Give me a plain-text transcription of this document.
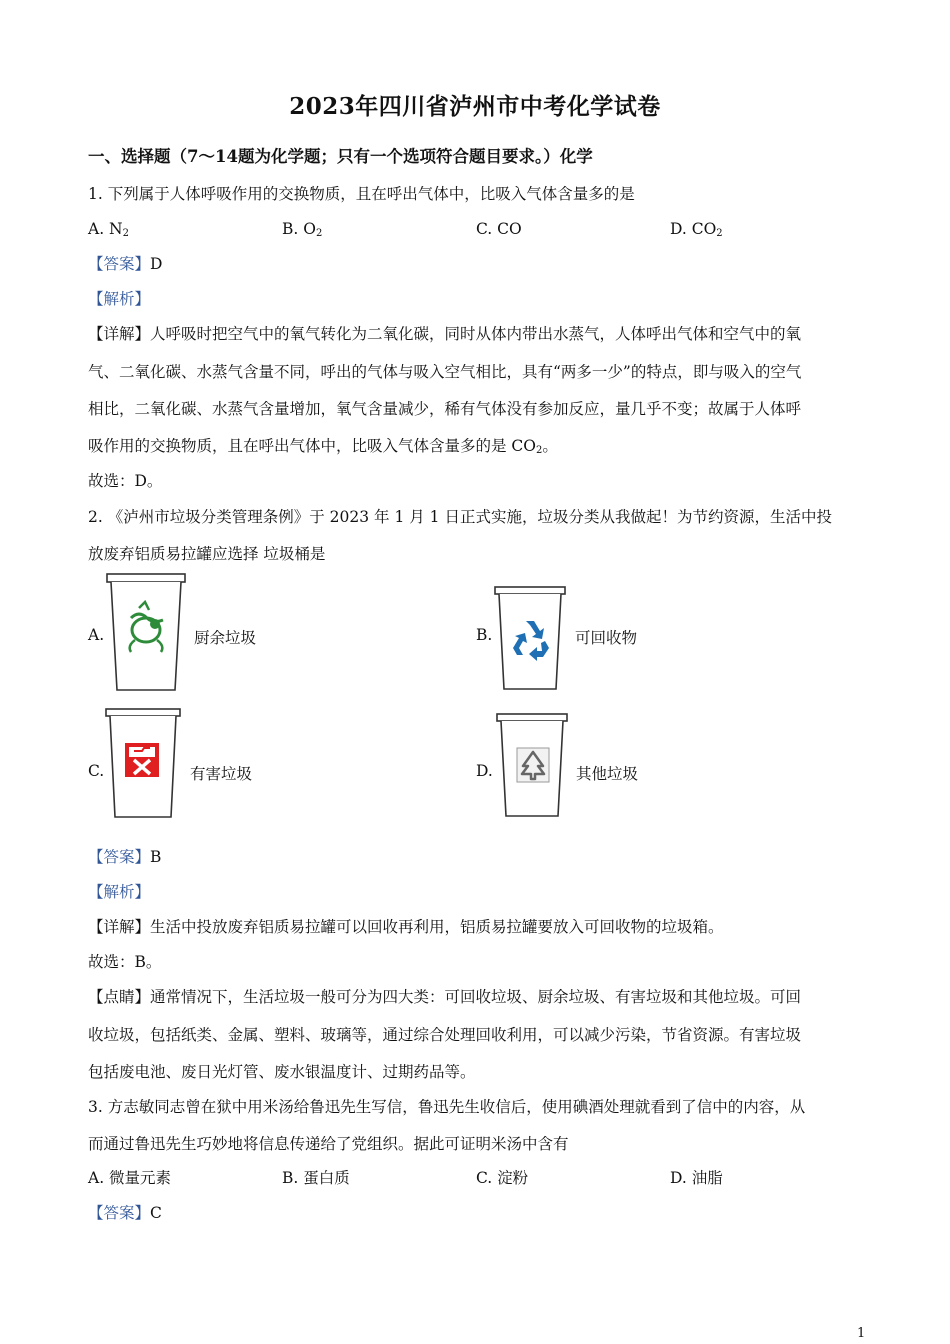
2023年四川省泸州市中考化学试卷
一、选择题（7～14题为化学题；只有一个选项符合题目要求。）化学
1. 下列属于人体呼吸作用的交换物质，且在呼出气体中，比吸入气体含量多的是
A. $N_2$	B. $O_2$	C. CO	D. $CO_2$
【答案】D
【解析】
【详解】人呼吸时把空气中的氧气转化为二氧化碳，同时从体内带出水蒸气，人体呼出气体和空气中的氧
气、二氧化碳、水蒸气含量不同，呼出的气体与吸入空气相比，具有“两多一少”的特点，即与吸入的空气
相比，二氧化碳、水蒸气含量增加，氧气含量减少，稀有气体没有参加反应，量几乎不变；故属于人体呼
吸作用的交换物质，且在呼出气体中，比吸入气体含量多的是 $CO_2$。
故选：D。
2. 《泸州市垃圾分类管理条例》于 2023 年 1 月 1 日正式实施，垃圾分类从我做起！为节约资源，生活中投
放废弃铝质易拉罐应选择 垃圾桶是
A.	厨余垃圾	B.	可回收物
C.	有害垃圾	D.	其他垃圾
【答案】B
【解析】
【详解】生活中投放废弃铝质易拉罐可以回收再利用，铝质易拉罐要放入可回收物的垃圾箱。
故选：B。
【点睛】通常情况下，生活垃圾一般可分为四大类：可回收垃圾、厨余垃圾、有害垃圾和其他垃圾。可回
收垃圾，包括纸类、金属、塑料、玻璃等，通过综合处理回收利用，可以减少污染，节省资源。有害垃圾
包括废电池、废日光灯管、废水银温度计、过期药品等。
3. 方志敏同志曾在狱中用米汤给鲁迅先生写信，鲁迅先生收信后，使用碘酒处理就看到了信中的内容，从
而通过鲁迅先生巧妙地将信息传递给了党组织。据此可证明米汤中含有
A. 微量元素	B. 蛋白质	C. 淀粉	D. 油脂
【答案】C
1
